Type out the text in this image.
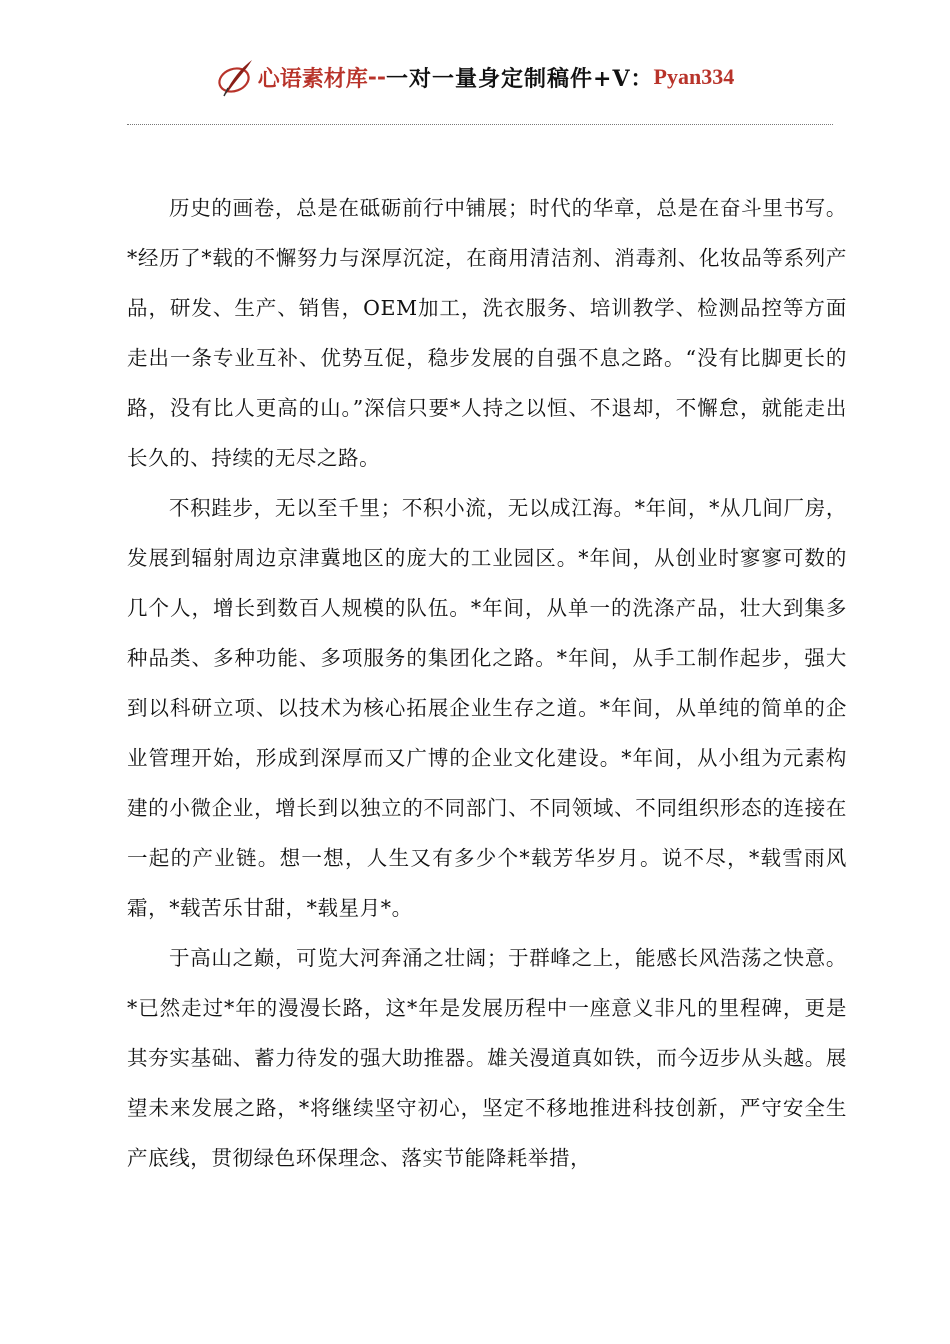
心语素材库--一对一量身定制稿件+V：Pyan334

历史的画卷，总是在砥砺前行中铺展；时代的华章，总是在奋斗里书写。*经历了*载的不懈努力与深厚沉淀，在商用清洁剂、消毒剂、化妆品等系列产品，研发、生产、销售，OEM加工，洗衣服务、培训教学、检测品控等方面走出一条专业互补、优势互促，稳步发展的自强不息之路。“没有比脚更长的路，没有比人更高的山。”深信只要*人持之以恒、不退却，不懈怠，就能走出长久的、持续的无尽之路。

不积跬步，无以至千里；不积小流，无以成江海。*年间，*从几间厂房，发展到辐射周边京津冀地区的庞大的工业园区。*年间，从创业时寥寥可数的几个人，增长到数百人规模的队伍。*年间，从单一的洗涤产品，壮大到集多种品类、多种功能、多项服务的集团化之路。*年间，从手工制作起步，强大到以科研立项、以技术为核心拓展企业生存之道。*年间，从单纯的简单的企业管理开始，形成到深厚而又广博的企业文化建设。*年间，从小组为元素构建的小微企业，增长到以独立的不同部门、不同领域、不同组织形态的连接在一起的产业链。想一想，人生又有多少个*载芳华岁月。说不尽，*载雪雨风霜，*载苦乐甘甜，*载星月*。

于高山之巅，可览大河奔涌之壮阔；于群峰之上，能感长风浩荡之快意。*已然走过*年的漫漫长路，这*年是发展历程中一座意义非凡的里程碑，更是其夯实基础、蓄力待发的强大助推器。雄关漫道真如铁，而今迈步从头越。展望未来发展之路，*将继续坚守初心，坚定不移地推进科技创新，严守安全生产底线，贯彻绿色环保理念、落实节能降耗举措，
